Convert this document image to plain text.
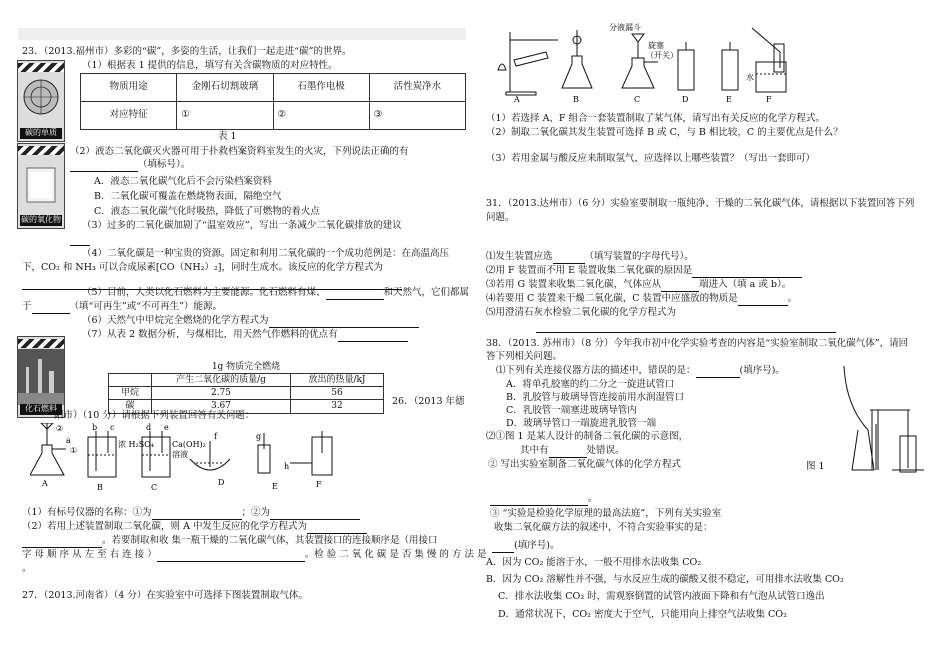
23．（2013.福州市）多彩的“碳”，多姿的生活，让我们一起走进“碳”的世界。
碳的单质
（1）根据表 1 提供的信息，填写有关含碳物质的对应特性。
物质用途	金刚石切割玻璃	石墨作电极	活性炭净水
对应特征	①	②	③
表 1
碳的氧化物
（2）液态二氧化碳灭火器可用于扑救档案资料室发生的火灾，下列说法正确的有
（填标号）。
A．液态二氧化碳气化后不会污染档案资料
B．二氧化碳可覆盖在燃烧物表面，隔绝空气
C．液态二氧化碳气化时吸热，降低了可燃物的着火点
（3）过多的二氧化碳加剧了“温室效应”，写出一条减少二氧化碳排放的建议
（4）二氧化碳是一种宝贵的资源。固定和利用二氧化碳的一个成功范例是：在高温高压
下，CO₂ 和 NH₃ 可以合成尿素[CO（NH₂）₂]，同时生成水。该反应的化学方程式为
（5）目前，人类以化石燃料为主要能源。化石燃料有煤、	和天然气，它们都属
于	（填“可再生”或“不可再生”）能源。
（6）天然气中甲烷完全燃烧的化学方程式为
（7）从表 2 数据分析，与煤相比，用天然气作燃料的优点有
化石燃料
1g 物质完全燃烧		
	产生二氧化碳的质量/g	放出的热量/kJ
甲烷	2.75	56
碳	3.67	32	26．（2013 年德
阳市）（10 分）请根据下列装置回答有关问题：
A	B	C
D	E	F
①
②
a
b c	d e
f	g
h
浓 H₂SO₄ Ca(OH)₂
溶液
（1）有标号仪器的名称：①为	；②为
（2）若用上述装置制取二氧化碳，则 A 中发生反应的化学方程式为
。若要制取和收 集一瓶干燥的二氧化碳气体，其装置接口的连接顺序是（用接口
字 母 顺 序 从 左 至 右 连 接 ）	。检 验 二 氧 化 碳 是 否 集 慢 的 方 法 是
。
27．（2013.河南省）（4 分）在实验室中可选择下图装置制取气体。
A	B	C	D	E	F
分液漏斗
旋塞
（开关）
水
（1）若选择 A、F 组合一套装置制取了某气体，请写出有关反应的化学方程式。
（2）制取二氧化碳其发生装置可选择 B 或 C，与 B 相比较，C 的主要优点是什么？
（3）若用金属与酸反应来制取氢气，应选择以上哪些装置？（写出一套即可）
31．（2013.达州市）（6 分）实验室要制取一瓶纯净、干燥的二氧化碳气体，请根据以下装置回答下列
问题。
⑴发生装置应选	（填写装置的字母代号）。
⑵用 F 装置而不用 E 装置收集二氧化碳的原因是
⑶若用 G 装置来收集二氧化碳，气体应从	端进入（填 a 或 b）。
⑷若要用 C 装置来干燥二氧化碳，C 装置中应盛放的物质是	。
⑸用澄清石灰水检验二氧化碳的化学方程式为
38．（2013. 苏州市）（8 分）今年我市初中化学实验考查的内容是“实验室制取二氧化碳气体”，请回
答下列相关问题。
⑴下列有关连接仪器方法的描述中，错误的是：	(填序号)。
A．将单孔胶塞的约二分之一旋进试管口
B．乳胶管与玻璃导管连接前用水润湿管口
C．乳胶管一端塞进玻璃导管内
D．玻璃导管口一端旋进乳胶管一端
⑵①图 1 是某人设计的制备二氧化碳的示意图，
其中有	处错误。
② 写出实验室制备二氧化碳气体的化学方程式	图 1
。
③ “实验是检验化学原理的最高法庭”，下列有关实验室
收集二氧化碳方法的叙述中，不符合实验事实的是：
(填序号)。
A．因为 CO₂ 能溶于水，一般不用排水法收集 CO₂
B．因为 CO₂ 溶解性并不强，与水反应生成的碳酸又很不稳定，可用排水法收集 CO₂
C．排水法收集 CO₂ 时，需观察倒置的试管内液面下降和有气泡从试管口逸出
D．通常状况下，CO₂ 密度大于空气，只能用向上排空气法收集 CO₂
